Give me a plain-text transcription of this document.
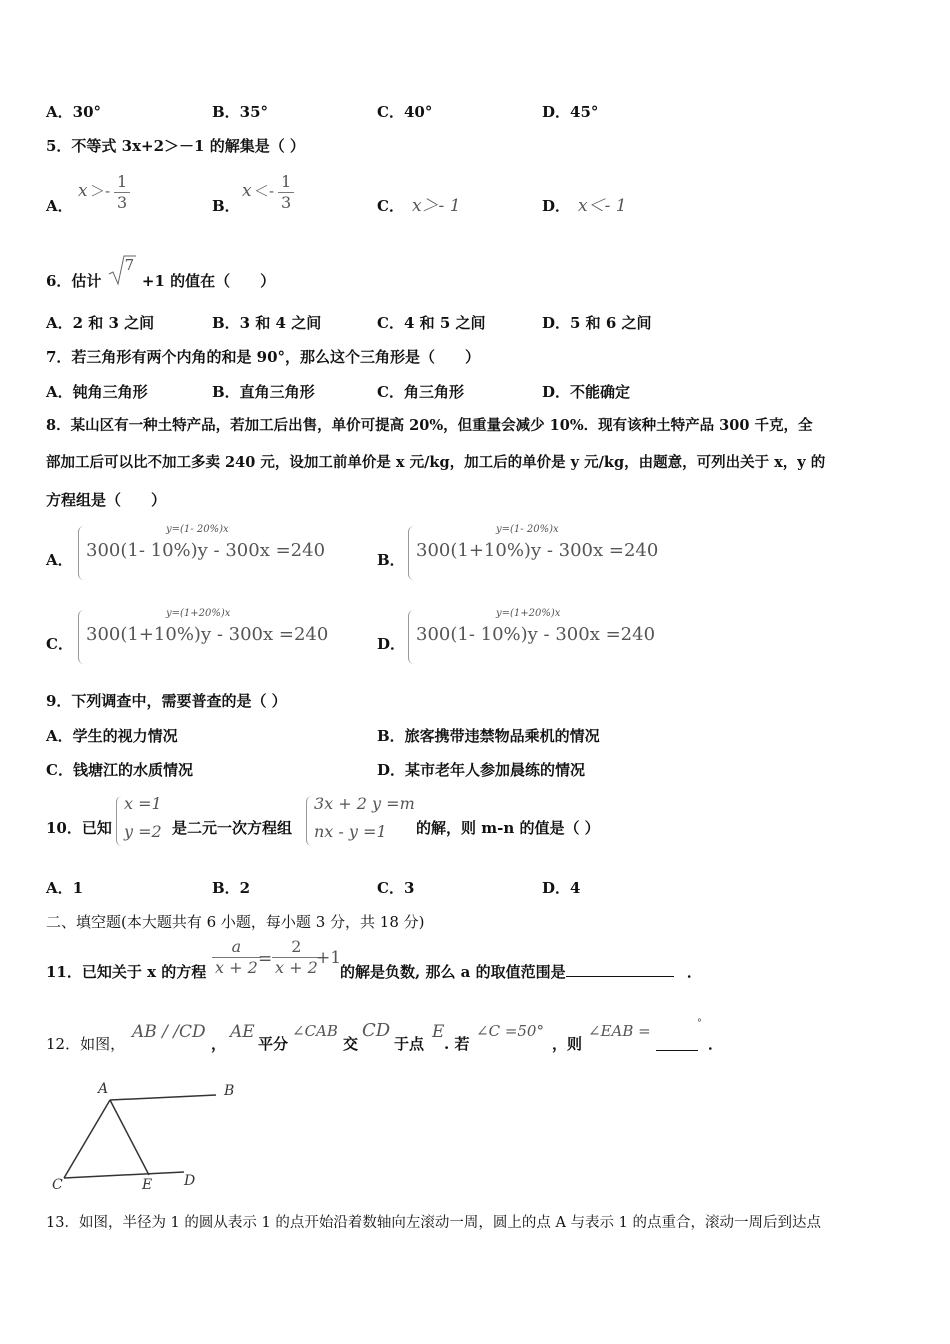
A．30°	B．35°	C．40°	D．45°
5．不等式 3x+2＞－1 的解集是（ ）
A．
$x >- \frac{1}{3}$	B．
$x <- \frac{1}{3}$	C． x＞- 1	D． x＜- 1
6．估计
7
+1 的值在（　　）
A．2 和 3 之间	B．3 和 4 之间	C．4 和 5 之间	D．5 和 6 之间
7．若三角形有两个内角的和是 90°，那么这个三角形是（　　）
A．钝角三角形	B．直角三角形	C．角三角形	D．不能确定
8．某山区有一种土特产品，若加工后出售，单价可提高 20%，但重量会减少 10%．现有该种土特产品 300 千克，全
部加工后可以比不加工多卖 240 元，设加工前单价是 x 元/kg，加工后的单价是 y 元/kg，由题意，可列出关于 x，y 的
方程组是（　　）
A．
y=(1- 20%)x
300(1- 10%)y - 300x =240	B．
y=(1- 20%)x
300(1+10%)y - 300x =240
C．
y=(1+20%)x
300(1+10%)y - 300x =240	D．
y=(1+20%)x
300(1- 10%)y - 300x =240
9．下列调查中，需要普查的是（ ）
A．学生的视力情况	B．旅客携带违禁物品乘机的情况
C．钱塘江的水质情况	D．某市老年人参加晨练的情况
10．已知
x =1
y =2 是二元一次方程组
3x + 2 y =m
nx - y =1 的解，则 m-n 的值是（ ）
A．1	B．2	C．3	D．4
二、填空题(本大题共有 6 小题，每小题 3 分，共 18 分)
11．已知关于 x 的方程 $\frac{a}{x + 2}$
= $\frac{2}{x + 2}$
+1
的解是负数, 那么 a 的取值范围是	．
12．如图，
AB / /CD
，
AE
平分
∠CAB
交
CD
于点
E
. 若
∠C =50°
，则
∠EAB =	°
．
A	B
C	E D
13．如图，半径为 1 的圆从表示 1 的点开始沿着数轴向左滚动一周，圆上的点 A 与表示 1 的点重合，滚动一周后到达点
